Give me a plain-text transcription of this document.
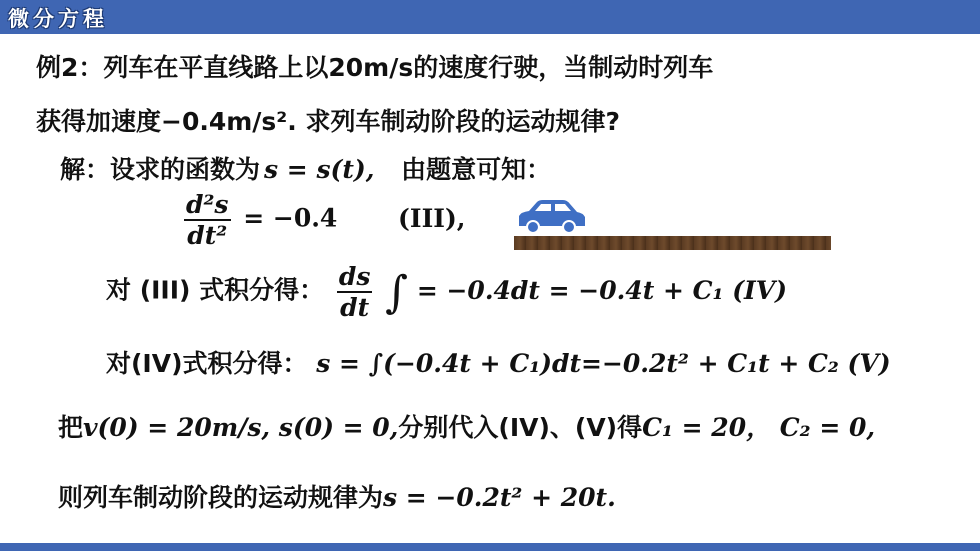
微分方程
例2：列车在平直线路上以20m/s的速度行驶，当制动时列车
获得加速度−0.4m/s². 求列车制动阶段的运动规律?
解：设求的函数为 s = s(t), 由题意可知：
$\frac{\text{d²s}}{\text{dt²}} = -0.4$ (III),
对 (III) 式积分得： $\frac{ds}{dt}$ ∫ = −0.4dt = −0.4t + C₁ (IV)
对(IV)式积分得： s = ∫(−0.4t + C₁)dt=−0.2t² + C₁t + C₂ (V)
把v(0) = 20m/s, s(0) = 0,分别代入(IV)、(V)得C₁ = 20， C₂ = 0,
则列车制动阶段的运动规律为s = −0.2t² + 20t.
